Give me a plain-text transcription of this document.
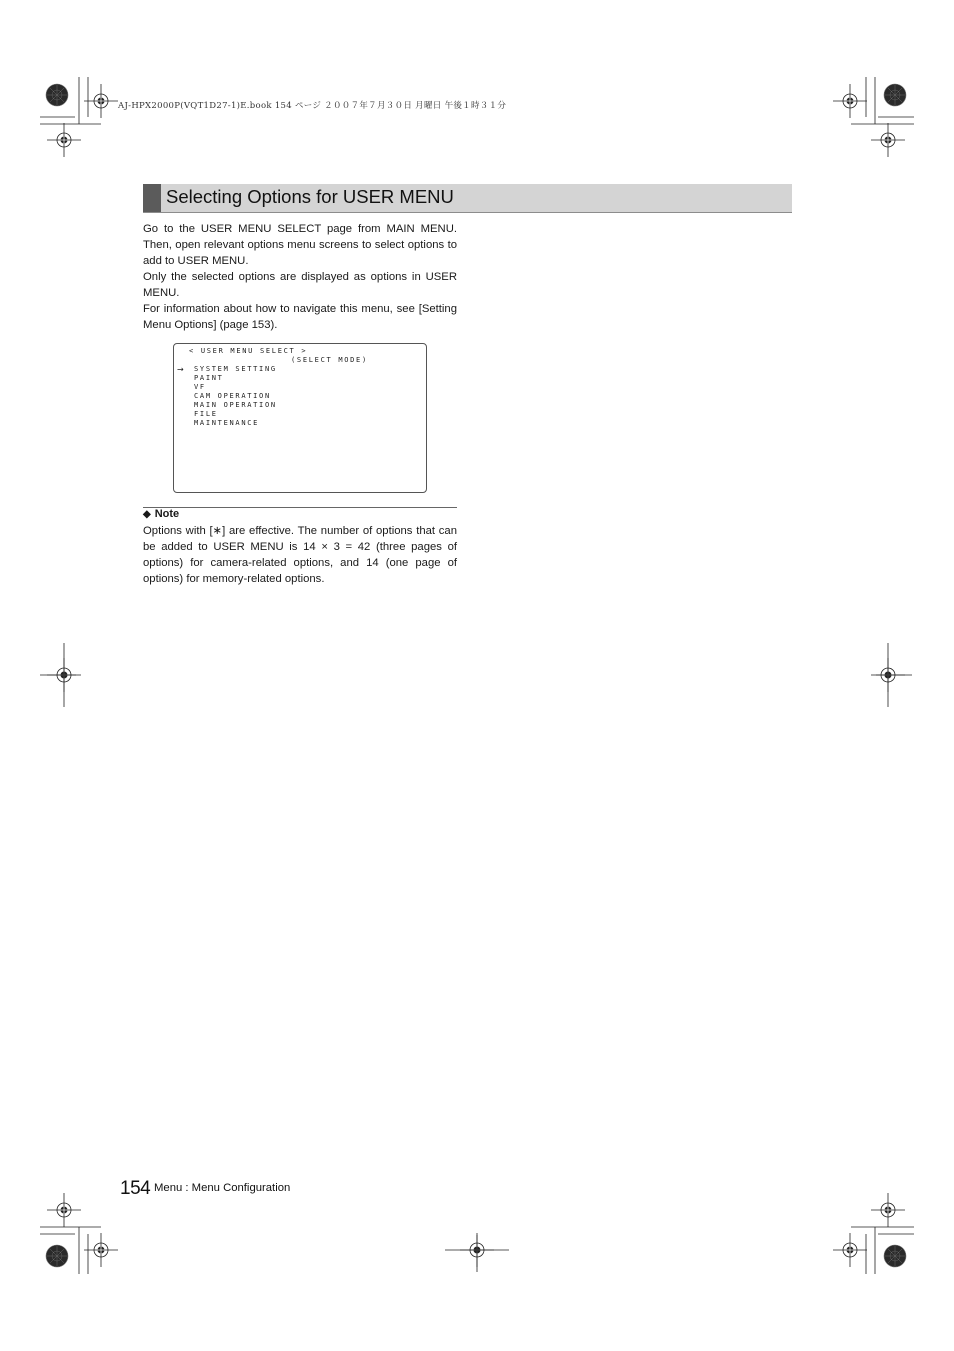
AJ-HPX2000P(VQT1D27-1)E.book 154 ページ ２００７年７月３０日 月曜日 午後１時３１分
Selecting Options for USER MENU

Go to the USER MENU SELECT page from MAIN MENU. Then, open relevant options menu screens to select options to add to USER MENU.

Only the selected options are displayed as options in USER MENU.

For information about how to navigate this menu, see [Setting Menu Options] (page 153).

< USER MENU SELECT >
(SELECT MODE)
→ SYSTEM SETTING
PAINT
VF
CAM OPERATION
MAIN OPERATION
FILE
MAINTENANCE
◆ Note
Options with [∗] are effective. The number of options that can be added to USER MENU is 14 × 3 = 42 (three pages of options) for camera-related options, and 14 (one page of options) for memory-related options.
154 Menu : Menu Configuration
